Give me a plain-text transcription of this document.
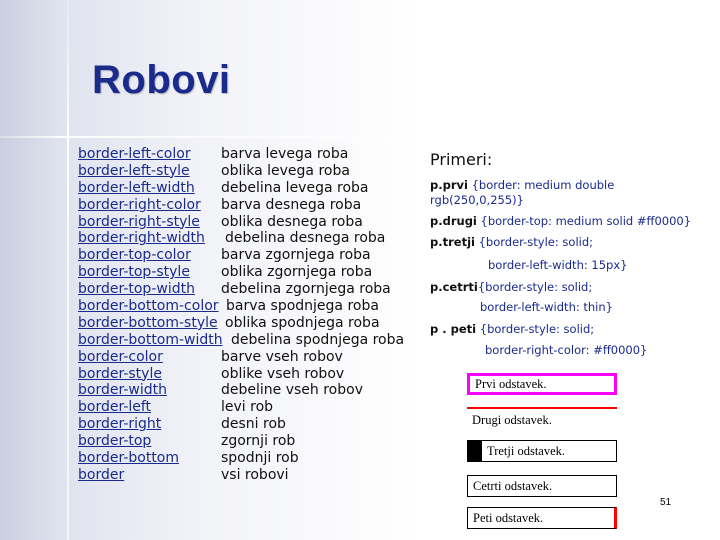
Robovi
border-left-color barva levega roba
border-left-style oblika levega roba
border-left-width debelina levega roba
border-right-color barva desnega roba
border-right-style oblika desnega roba
border-right-width debelina desnega roba
border-top-color barva zgornjega roba
border-top-style oblika zgornjega roba
border-top-width debelina zgornjega roba
border-bottom-color barva spodnjega roba
border-bottom-style oblika spodnjega roba
border-bottom-width debelina spodnjega roba
border-color	barve vseh robov
border-style	oblike vseh robov
border-width	debeline vseh robov
border-left	levi rob
border-right	desni rob
border-top	zgornji rob
border-bottom	spodnji rob
border	vsi robovi
Primeri:
p.prvi {border: medium double
rgb(250,0,255)}
p.drugi {border-top: medium solid #ff0000}
p.tretji {border-style: solid;
border-left-width: 15px}
p.cetrti{border-style: solid;
border-left-width: thin}
p . peti {border-style: solid;
border-right-color: #ff0000}
Prvi odstavek.
Drugi odstavek.
Tretji odstavek.
Cetrti odstavek.
Peti odstavek.
51
